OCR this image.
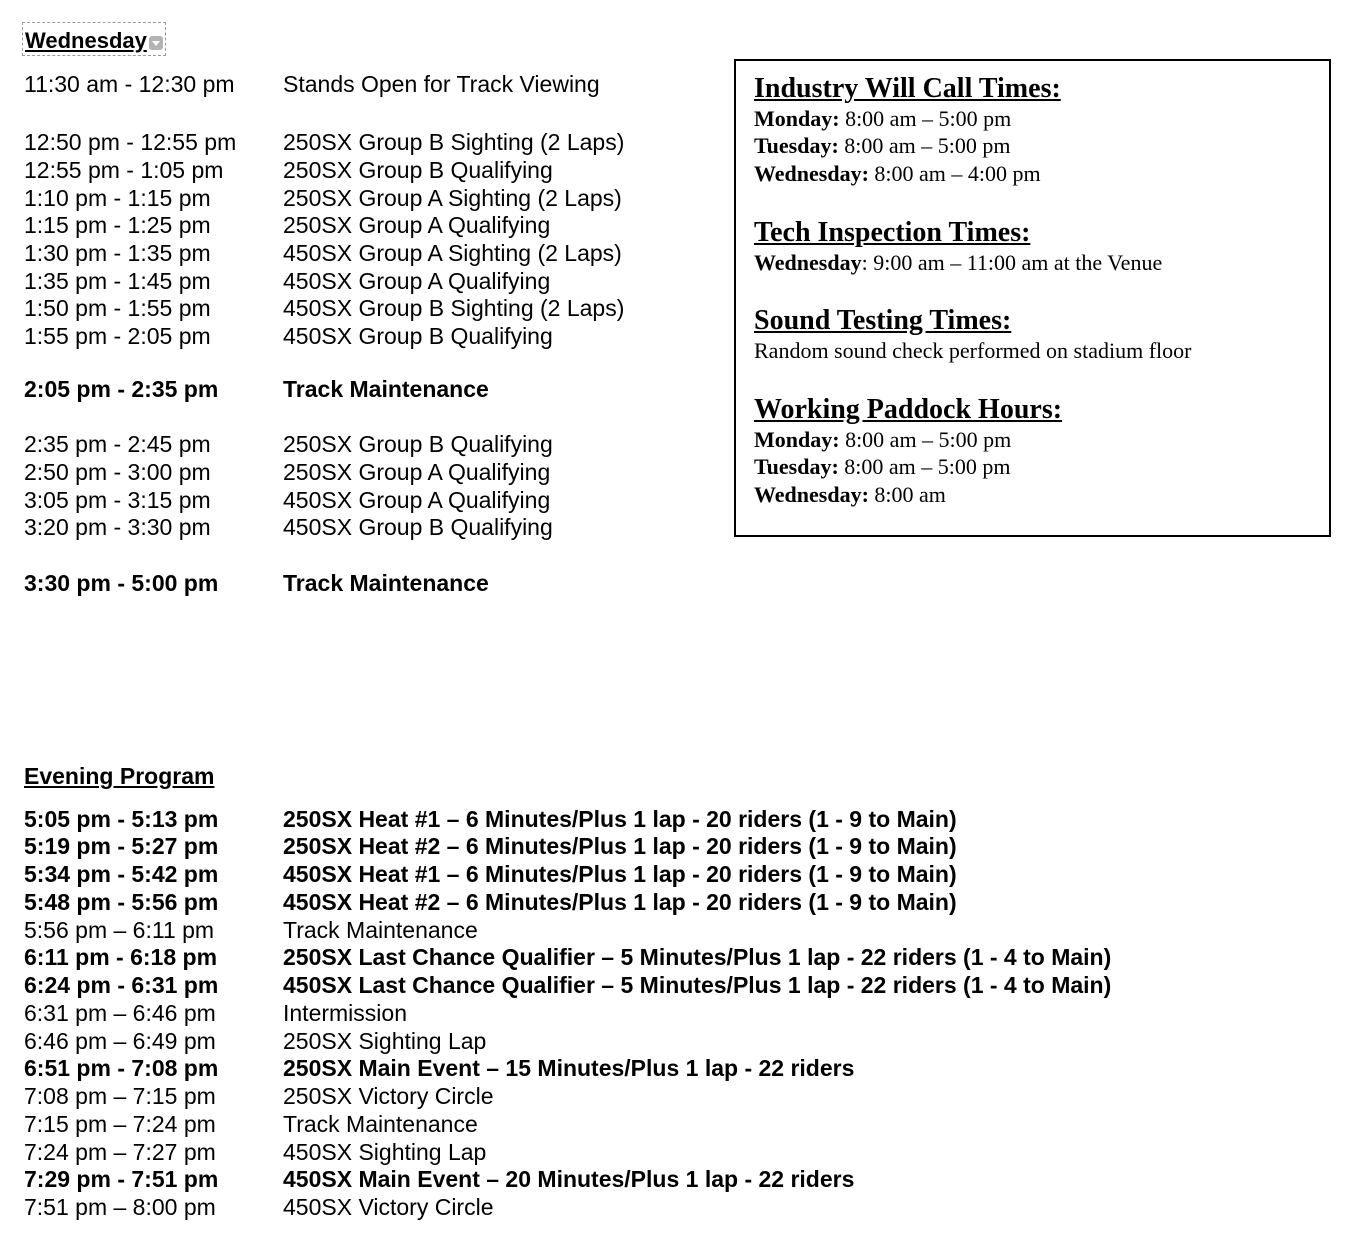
Wednesday
11:30 am - 12:30 pm Stands Open for Track Viewing
12:50 pm - 12:55 pm 250SX Group B Sighting (2 Laps)
12:55 pm - 1:05 pm	250SX Group B Qualifying
1:10 pm - 1:15 pm	250SX Group A Sighting (2 Laps)
1:15 pm - 1:25 pm	250SX Group A Qualifying
1:30 pm - 1:35 pm	450SX Group A Sighting (2 Laps)
1:35 pm - 1:45 pm	450SX Group A Qualifying
1:50 pm - 1:55 pm	450SX Group B Sighting (2 Laps)
1:55 pm - 2:05 pm	450SX Group B Qualifying
2:05 pm - 2:35 pm	Track Maintenance
2:35 pm - 2:45 pm	250SX Group B Qualifying
2:50 pm - 3:00 pm	250SX Group A Qualifying
3:05 pm - 3:15 pm	450SX Group A Qualifying
3:20 pm - 3:30 pm	450SX Group B Qualifying
3:30 pm - 5:00 pm	Track Maintenance
Evening Program
5:05 pm - 5:13 pm	250SX Heat #1 – 6 Minutes/Plus 1 lap - 20 riders (1 - 9 to Main)
5:19 pm - 5:27 pm	250SX Heat #2 – 6 Minutes/Plus 1 lap - 20 riders (1 - 9 to Main)
5:34 pm - 5:42 pm	450SX Heat #1 – 6 Minutes/Plus 1 lap - 20 riders (1 - 9 to Main)
5:48 pm - 5:56 pm	450SX Heat #2 – 6 Minutes/Plus 1 lap - 20 riders (1 - 9 to Main)
5:56 pm – 6:11 pm	Track Maintenance
6:11 pm - 6:18 pm	250SX Last Chance Qualifier – 5 Minutes/Plus 1 lap - 22 riders (1 - 4 to Main)
6:24 pm - 6:31 pm	450SX Last Chance Qualifier – 5 Minutes/Plus 1 lap - 22 riders (1 - 4 to Main)
6:31 pm – 6:46 pm	Intermission
6:46 pm – 6:49 pm	250SX Sighting Lap
6:51 pm - 7:08 pm	250SX Main Event – 15 Minutes/Plus 1 lap - 22 riders
7:08 pm – 7:15 pm	250SX Victory Circle
7:15 pm – 7:24 pm	Track Maintenance
7:24 pm – 7:27 pm	450SX Sighting Lap
7:29 pm - 7:51 pm	450SX Main Event – 20 Minutes/Plus 1 lap - 22 riders
7:51 pm – 8:00 pm	450SX Victory Circle
Industry Will Call Times:
Monday: 8:00 am – 5:00 pm
Tuesday: 8:00 am – 5:00 pm
Wednesday: 8:00 am – 4:00 pm
Tech Inspection Times:
Wednesday: 9:00 am – 11:00 am at the Venue
Sound Testing Times:
Random sound check performed on stadium floor
Working Paddock Hours:
Monday: 8:00 am – 5:00 pm
Tuesday: 8:00 am – 5:00 pm
Wednesday: 8:00 am
